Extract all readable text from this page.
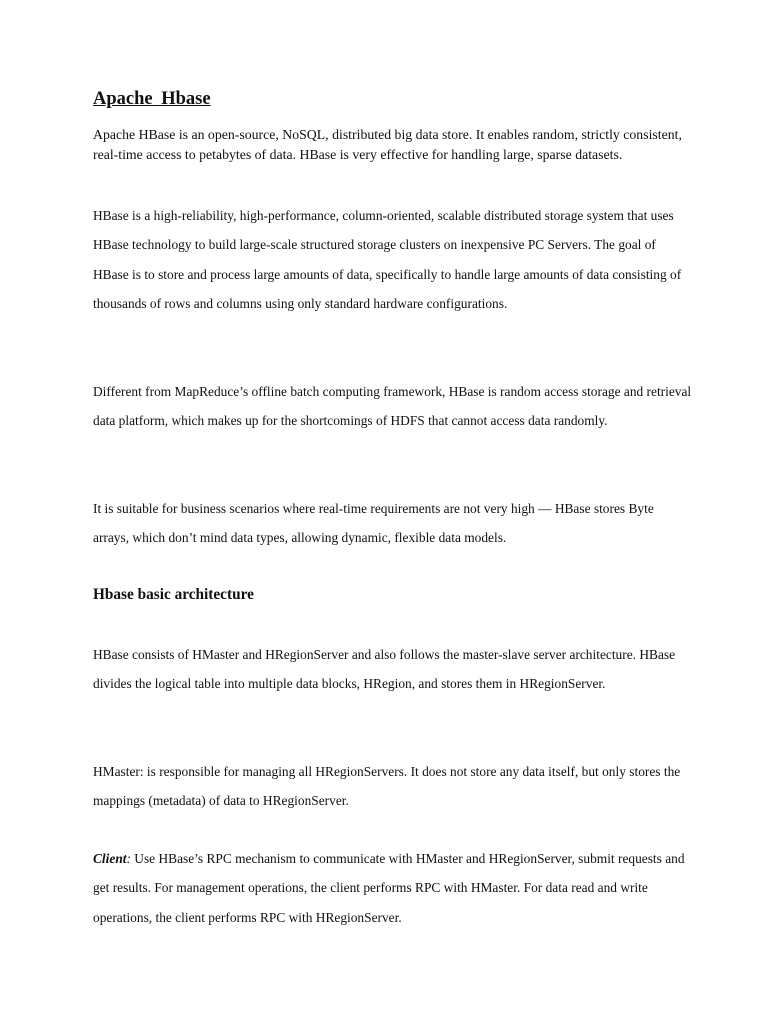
Apache Hbase
Apache HBase is an open-source, NoSQL, distributed big data store. It enables random, strictly consistent, real-time access to petabytes of data. HBase is very effective for handling large, sparse datasets.
HBase is a high-reliability, high-performance, column-oriented, scalable distributed storage system that uses HBase technology to build large-scale structured storage clusters on inexpensive PC Servers. The goal of HBase is to store and process large amounts of data, specifically to handle large amounts of data consisting of thousands of rows and columns using only standard hardware configurations.
Different from MapReduce’s offline batch computing framework, HBase is random access storage and retrieval data platform, which makes up for the shortcomings of HDFS that cannot access data randomly.
It is suitable for business scenarios where real-time requirements are not very high — HBase stores Byte arrays, which don’t mind data types, allowing dynamic, flexible data models.
Hbase basic architecture
HBase consists of HMaster and HRegionServer and also follows the master-slave server architecture. HBase divides the logical table into multiple data blocks, HRegion, and stores them in HRegionServer.
HMaster: is responsible for managing all HRegionServers. It does not store any data itself, but only stores the mappings (metadata) of data to HRegionServer.
Client: Use HBase’s RPC mechanism to communicate with HMaster and HRegionServer, submit requests and get results. For management operations, the client performs RPC with HMaster. For data read and write operations, the client performs RPC with HRegionServer.
